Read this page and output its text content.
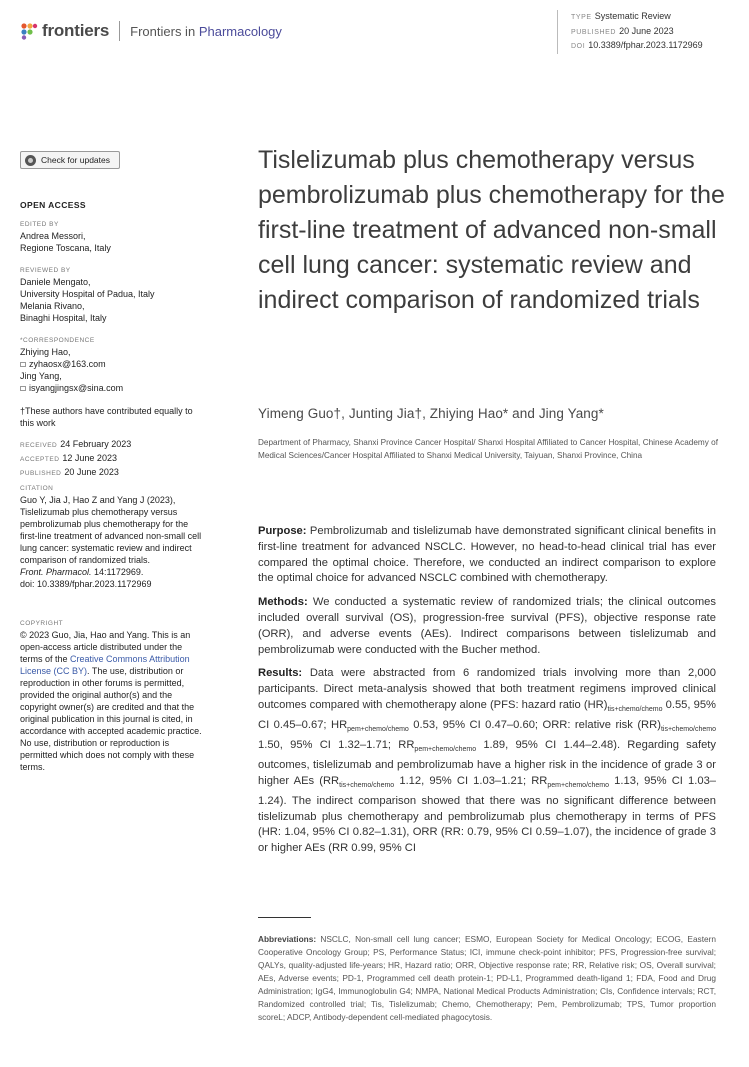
frontiers Frontiers in Pharmacology
TYPE Systematic Review
PUBLISHED 20 June 2023
DOI 10.3389/fphar.2023.1172969
Check for updates
OPEN ACCESS
EDITED BY
Andrea Messori,
Regione Toscana, Italy
REVIEWED BY
Daniele Mengato,
University Hospital of Padua, Italy
Melania Rivano,
Binaghi Hospital, Italy
*CORRESPONDENCE
Zhiying Hao,
zyhaosx@163.com
Jing Yang,
isyangjingsx@sina.com
†These authors have contributed equally to this work
RECEIVED 24 February 2023
ACCEPTED 12 June 2023
PUBLISHED 20 June 2023
CITATION
Guo Y, Jia J, Hao Z and Yang J (2023), Tislelizumab plus chemotherapy versus pembrolizumab plus chemotherapy for the first-line treatment of advanced non-small cell lung cancer: systematic review and indirect comparison of randomized trials.
Front. Pharmacol. 14:1172969.
doi: 10.3389/fphar.2023.1172969
COPYRIGHT
© 2023 Guo, Jia, Hao and Yang. This is an open-access article distributed under the terms of the Creative Commons Attribution License (CC BY). The use, distribution or reproduction in other forums is permitted, provided the original author(s) and the copyright owner(s) are credited and that the original publication in this journal is cited, in accordance with accepted academic practice. No use, distribution or reproduction is permitted which does not comply with these terms.
Tislelizumab plus chemotherapy versus pembrolizumab plus chemotherapy for the first-line treatment of advanced non-small cell lung cancer: systematic review and indirect comparison of randomized trials
Yimeng Guo†, Junting Jia†, Zhiying Hao* and Jing Yang*
Department of Pharmacy, Shanxi Province Cancer Hospital/ Shanxi Hospital Affiliated to Cancer Hospital, Chinese Academy of Medical Sciences/Cancer Hospital Affiliated to Shanxi Medical University, Taiyuan, Shanxi Province, China

Purpose: Pembrolizumab and tislelizumab have demonstrated significant clinical benefits in first-line treatment for advanced NSCLC. However, no head-to-head clinical trial has ever compared the optimal choice. Therefore, we conducted an indirect comparison to explore the optimal choice for advanced NSCLC combined with chemotherapy.

Methods: We conducted a systematic review of randomized trials; the clinical outcomes included overall survival (OS), progression-free survival (PFS), objective response rate (ORR), and adverse events (AEs). Indirect comparisons between tislelizumab and pembrolizumab were conducted with the Bucher method.

Results: Data were abstracted from 6 randomized trials involving more than 2,000 participants. Direct meta-analysis showed that both treatment regimens improved clinical outcomes compared with chemotherapy alone (PFS: hazard ratio $(HR)_{tis+chemo/chemo}$ 0.55, 95% CI 0.45–0.67; $HR_{pem+chemo/chemo}$ 0.53, 95% CI 0.47–0.60; ORR: relative risk $(RR)_{tis+chemo/chemo}$ 1.50, 95% CI 1.32–1.71; $RR_{pem+chemo/chemo}$ 1.89, 95% CI 1.44–2.48). Regarding safety outcomes, tislelizumab and pembrolizumab have a higher risk in the incidence of grade 3 or higher AEs ($RR_{tis+chemo/chemo}$ 1.12, 95% CI 1.03–1.21; $RR_{pem+chemo/chemo}$ 1.13, 95% CI 1.03–1.24). The indirect comparison showed that there was no significant difference between tislelizumab plus chemotherapy and pembrolizumab plus chemotherapy in terms of PFS (HR: 1.04, 95% CI 0.82–1.31), ORR (RR: 0.79, 95% CI 0.59–1.07), the incidence of grade 3 or higher AEs (RR 0.99, 95% CI

Abbreviations: NSCLC, Non-small cell lung cancer; ESMO, European Society for Medical Oncology; ECOG, Eastern Cooperative Oncology Group; PS, Performance Status; ICI, immune check-point inhibitor; PFS, Progression-free survival; QALYs, quality-adjusted life-years; HR, Hazard ratio; ORR, Objective response rate; RR, Relative risk; OS, Overall survival; AEs, Adverse events; PD-1, Programmed cell death protein-1; PD-L1, Programmed death-ligand 1; FDA, Food and Drug Administration; IgG4, Immunoglobulin G4; NMPA, National Medical Products Administration; CIs, Confidence intervals; RCT, Randomized controlled trial; Tis, Tislelizumab; Chemo, Chemotherapy; Pem, Pembrolizumab; TPS, Tumor proportion scoreL; ADCP, Antibody-dependent cell-mediated phagocytosis.
